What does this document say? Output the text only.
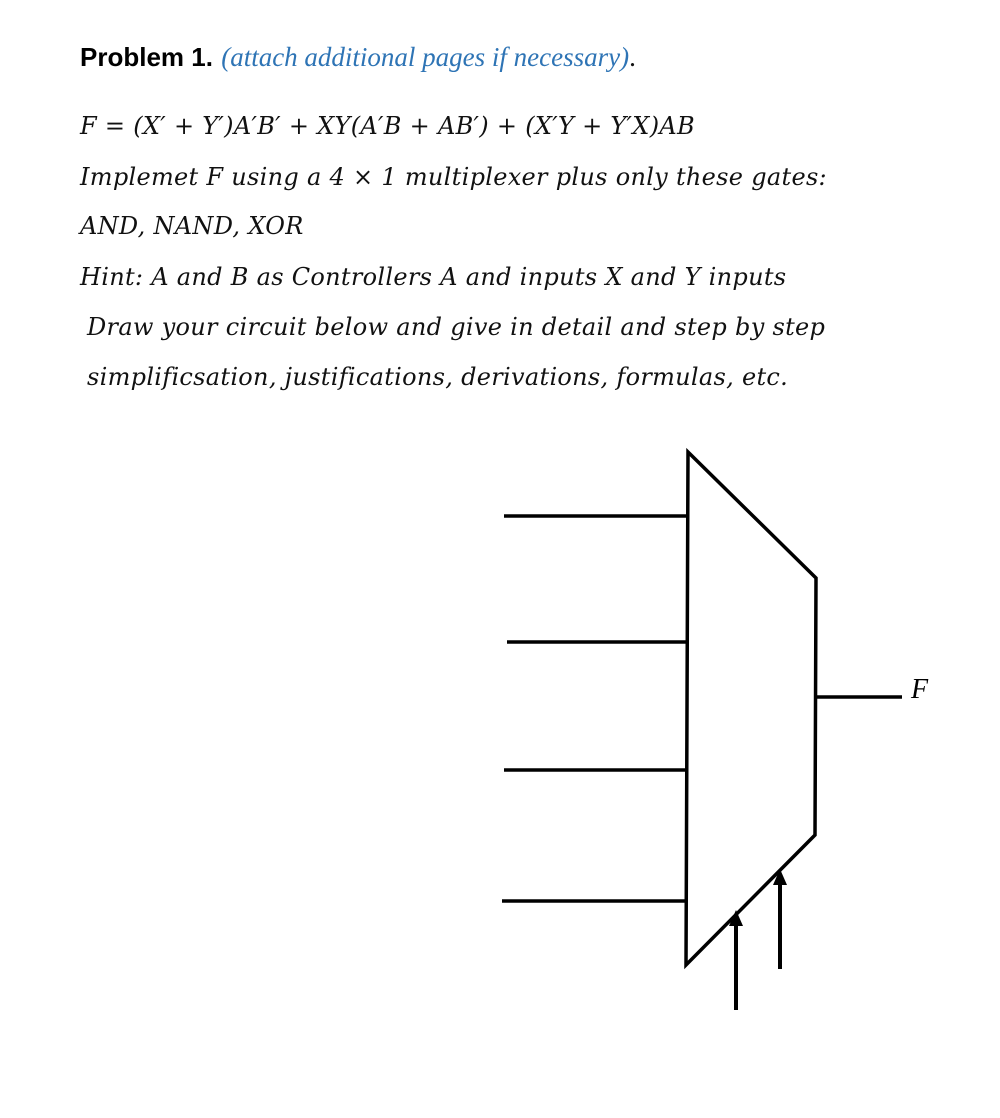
Problem 1. (attach additional pages if necessary).
F = (X′ + Y′)A′B′ + XY(A′B + AB′) + (X′Y + Y′X)AB
Implemet F using a 4 × 1 multiplexer plus only these gates:
AND, NAND, XOR
Hint: A and B as Controllers A and inputs X and Y inputs
Draw your circuit below and give in detail and step by step
simplificsation, justifications, derivations, formulas, etc.
F
